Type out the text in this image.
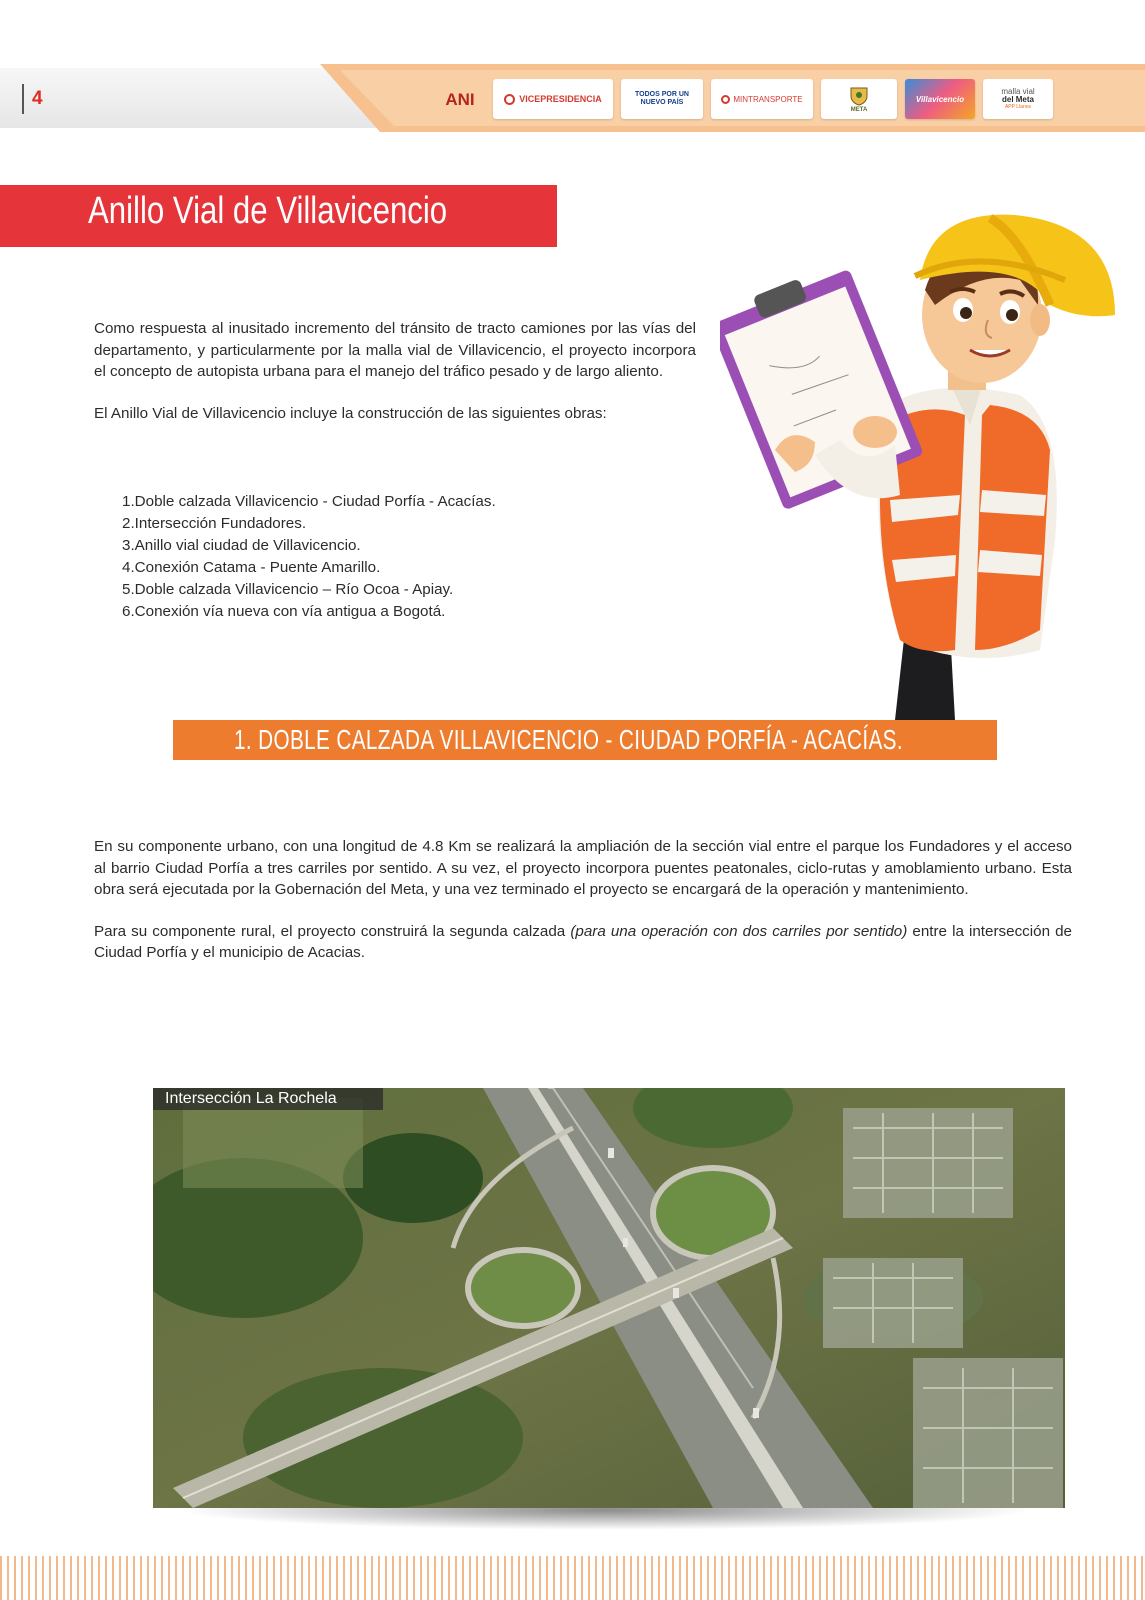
4	ANI	VICEPRESIDENCIA	TODOS POR UN NUEVO PAÍS	MINTRANSPORTE
META
Villavicencio
malla vial
del Meta
APP Llanos
Anillo Vial de Villavicencio

Como respuesta al inusitado incremento del tránsito de tracto camiones por las vías del departamento, y particularmente por la malla vial de Villavicencio, el proyecto incorpora el concepto de autopista urbana para el manejo del tráfico pesado y de largo aliento.

El Anillo Vial de Villavicencio incluye la construcción de las siguientes obras:

1.Doble calzada Villavicencio - Ciudad Porfía - Acacías.
2.Intersección Fundadores.
3.Anillo vial ciudad de Villavicencio.
4.Conexión Catama - Puente Amarillo.
5.Doble calzada Villavicencio – Río Ocoa - Apiay.
6.Conexión vía nueva con vía antigua a Bogotá.
1. DOBLE CALZADA VILLAVICENCIO - CIUDAD PORFÍA - ACACÍAS.

En su componente urbano, con una longitud de 4.8 Km se realizará la ampliación de la sección vial entre el parque los Fundadores y el acceso al barrio Ciudad Porfía a tres carriles por sentido. A su vez, el proyecto incorpora puentes peatonales, ciclo-rutas y amoblamiento urbano. Esta obra será ejecutada por la Gobernación del Meta, y una vez terminado el proyecto se encargará de la operación y mantenimiento.

Para su componente rural, el proyecto construirá la segunda calzada (para una operación con dos carriles por sentido) entre la intersección de Ciudad Porfía y el municipio de Acacias.

Intersección La Rochela
